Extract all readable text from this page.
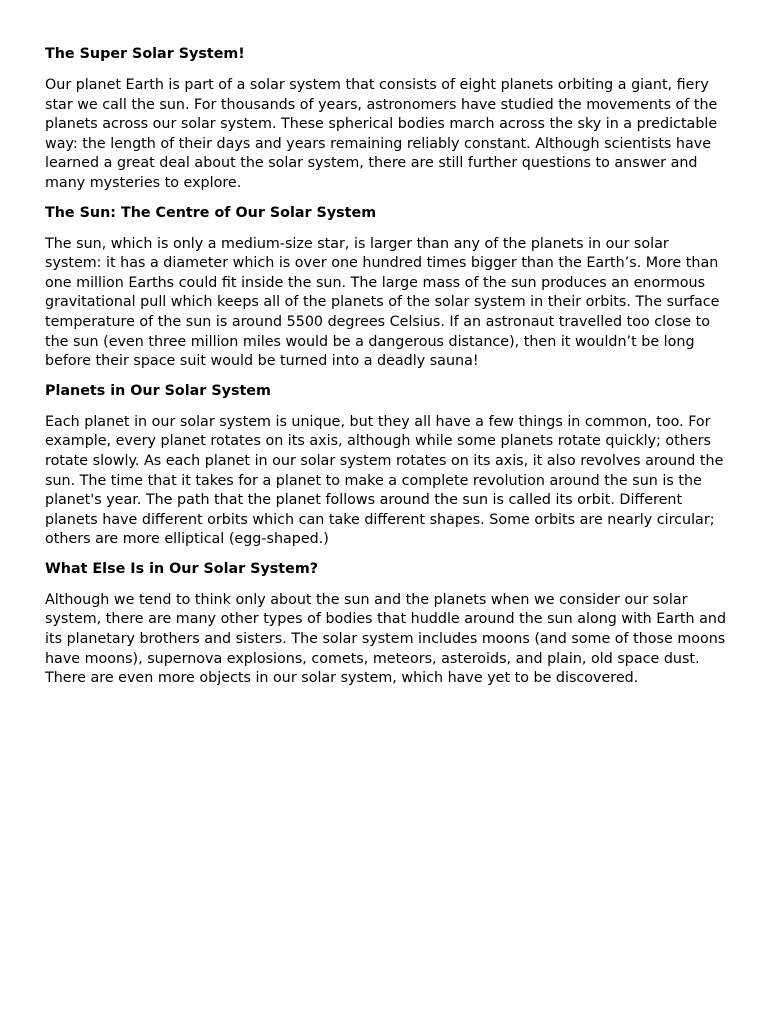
The Super Solar System!

Our planet Earth is part of a solar system that consists of eight planets orbiting a giant, fiery star we call the sun. For thousands of years, astronomers have studied the movements of the planets across our solar system. These spherical bodies march across the sky in a predictable way: the length of their days and years remaining reliably constant. Although scientists have learned a great deal about the solar system, there are still further questions to answer and many mysteries to explore.

The Sun: The Centre of Our Solar System

The sun, which is only a medium-size star, is larger than any of the planets in our solar system: it has a diameter which is over one hundred times bigger than the Earth’s. More than one million Earths could fit inside the sun. The large mass of the sun produces an enormous gravitational pull which keeps all of the planets of the solar system in their orbits. The surface temperature of the sun is around 5500 degrees Celsius. If an astronaut travelled too close to the sun (even three million miles would be a dangerous distance), then it wouldn’t be long before their space suit would be turned into a deadly sauna!

Planets in Our Solar System

Each planet in our solar system is unique, but they all have a few things in common, too. For example, every planet rotates on its axis, although while some planets rotate quickly; others rotate slowly. As each planet in our solar system rotates on its axis, it also revolves around the sun. The time that it takes for a planet to make a complete revolution around the sun is the planet's year. The path that the planet follows around the sun is called its orbit. Different planets have different orbits which can take different shapes. Some orbits are nearly circular; others are more elliptical (egg-shaped.)

What Else Is in Our Solar System?

Although we tend to think only about the sun and the planets when we consider our solar system, there are many other types of bodies that huddle around the sun along with Earth and its planetary brothers and sisters. The solar system includes moons (and some of those moons have moons), supernova explosions, comets, meteors, asteroids, and plain, old space dust. There are even more objects in our solar system, which have yet to be discovered.
